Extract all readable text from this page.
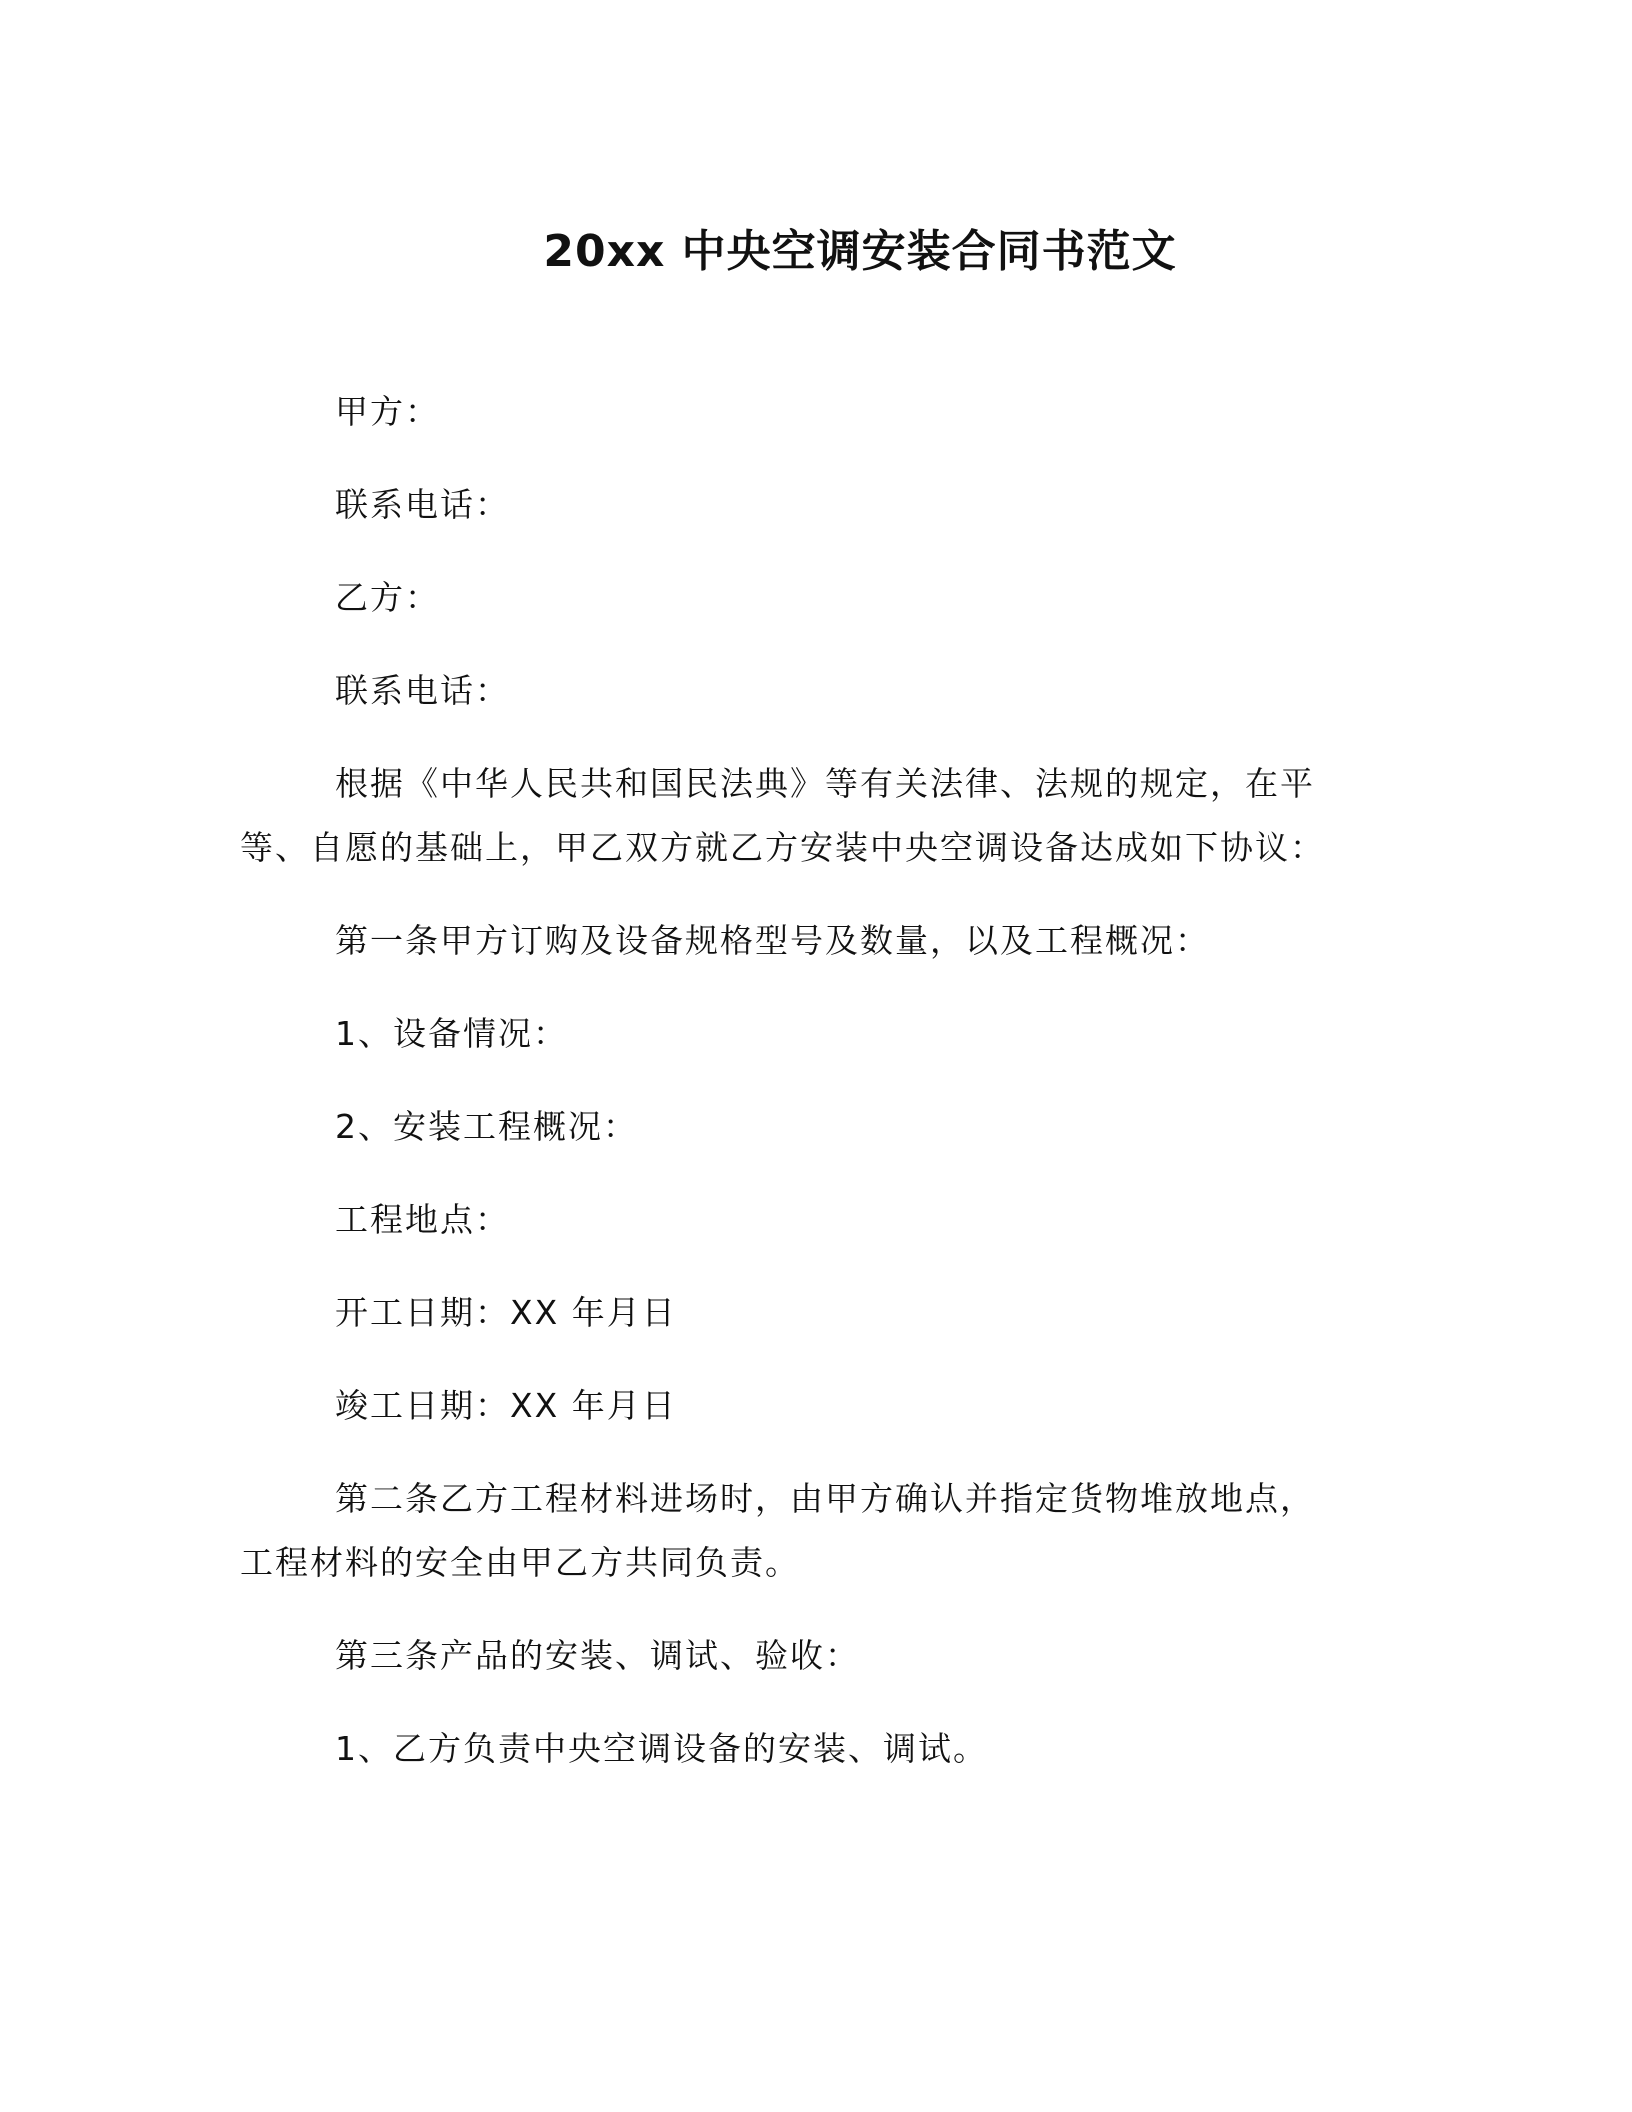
20xx 中央空调安装合同书范文

甲方：

联系电话：

乙方：

联系电话：

根据《中华人民共和国民法典》等有关法律、法规的规定，在平
等、自愿的基础上，甲乙双方就乙方安装中央空调设备达成如下协议：

第一条甲方订购及设备规格型号及数量，以及工程概况：

1、设备情况：

2、安装工程概况：

工程地点：

开工日期：XX 年月日

竣工日期：XX 年月日

第二条乙方工程材料进场时，由甲方确认并指定货物堆放地点，
工程材料的安全由甲乙方共同负责。

第三条产品的安装、调试、验收：

1、乙方负责中央空调设备的安装、调试。
